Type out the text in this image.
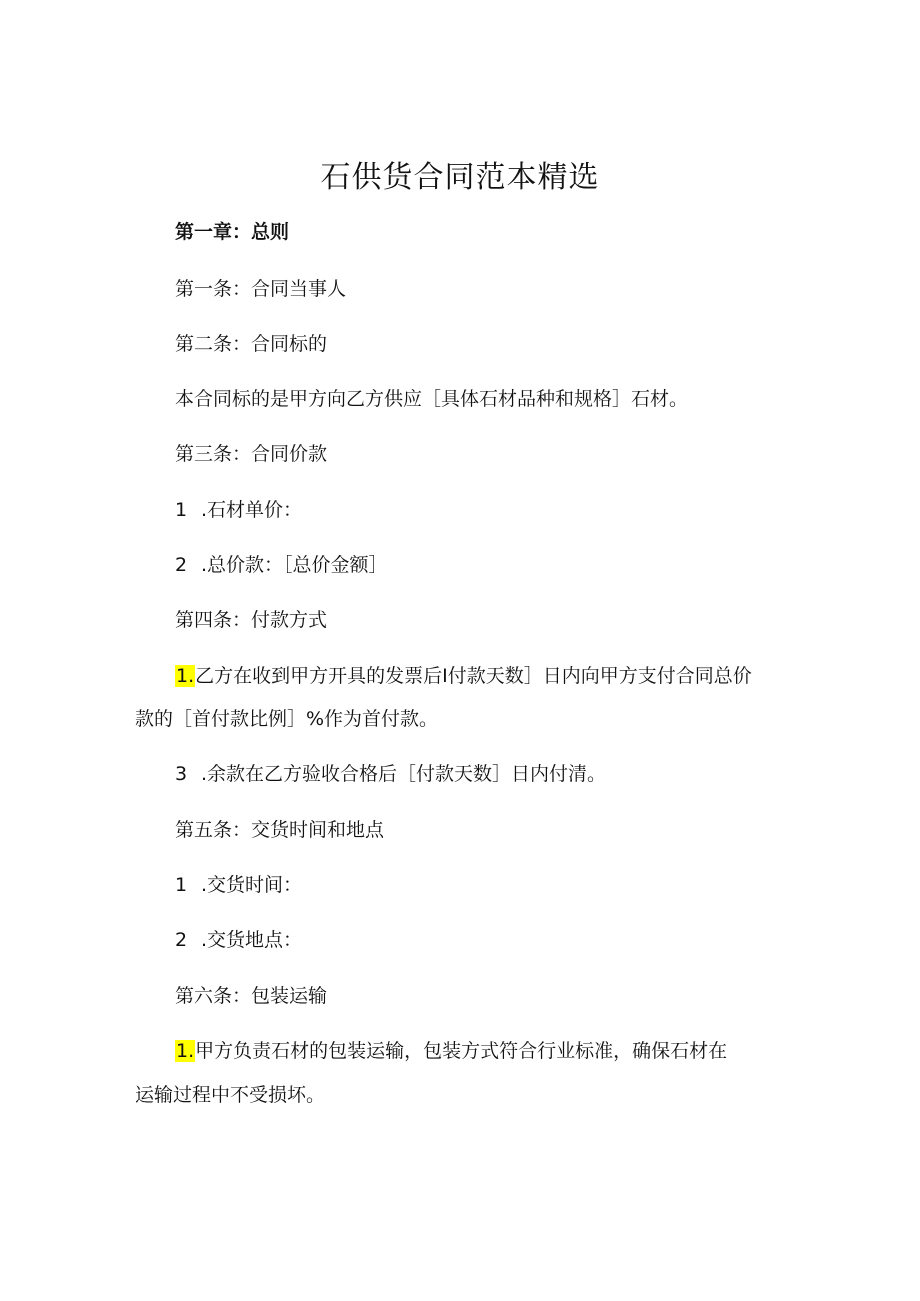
石供货合同范本精选
第一章：总则
第一条：合同当事人
第二条：合同标的
本合同标的是甲方向乙方供应［具体石材品种和规格］石材。
第三条：合同价款
1 .石材单价：
2 .总价款：［总价金额］
第四条：付款方式
1.乙方在收到甲方开具的发票后I付款天数］日内向甲方支付合同总价
款的［首付款比例］%作为首付款。
3 .余款在乙方验收合格后［付款天数］日内付清。
第五条：交货时间和地点
1 .交货时间：
2 .交货地点：
第六条：包装运输
1.甲方负责石材的包装运输，包装方式符合行业标准，确保石材在
运输过程中不受损坏。
